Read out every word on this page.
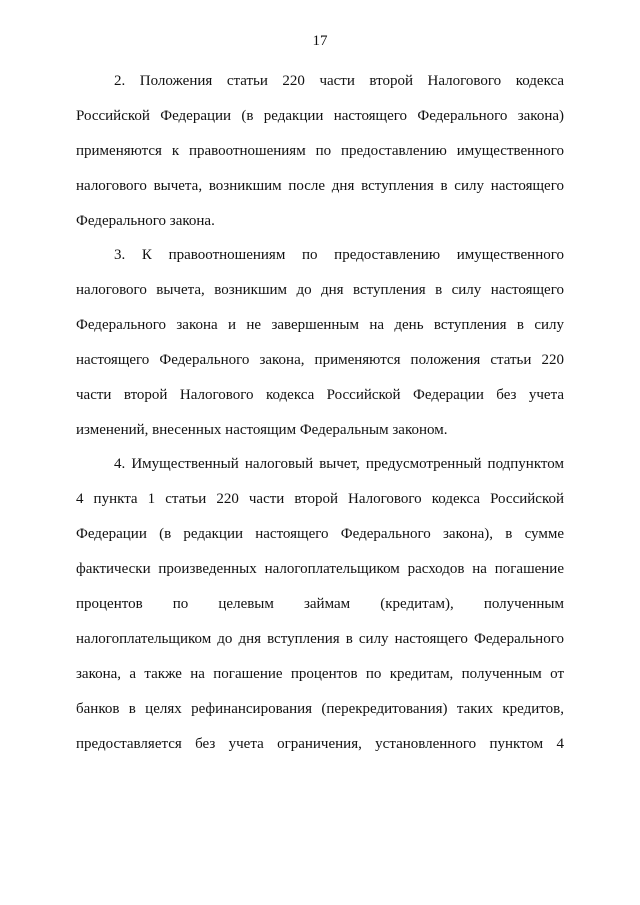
17
2. Положения статьи 220 части второй Налогового кодекса
Российской Федерации (в редакции настоящего Федерального закона)
применяются к правоотношениям по предоставлению имущественного
налогового вычета, возникшим после дня вступления в силу настоящего
Федерального закона.
3. К правоотношениям по предоставлению имущественного
налогового вычета, возникшим до дня вступления в силу настоящего
Федерального закона и не завершенным на день вступления в силу
настоящего Федерального закона, применяются положения статьи 220
части второй Налогового кодекса Российской Федерации без учета
изменений, внесенных настоящим Федеральным законом.
4. Имущественный налоговый вычет, предусмотренный подпунктом
4 пункта 1 статьи 220 части второй Налогового кодекса Российской
Федерации (в редакции настоящего Федерального закона), в сумме
фактически произведенных налогоплательщиком расходов на погашение
процентов по целевым займам (кредитам), полученным
налогоплательщиком до дня вступления в силу настоящего Федерального
закона, а также на погашение процентов по кредитам, полученным от
банков в целях рефинансирования (перекредитования) таких кредитов,
предоставляется без учета ограничения, установленного пунктом 4
